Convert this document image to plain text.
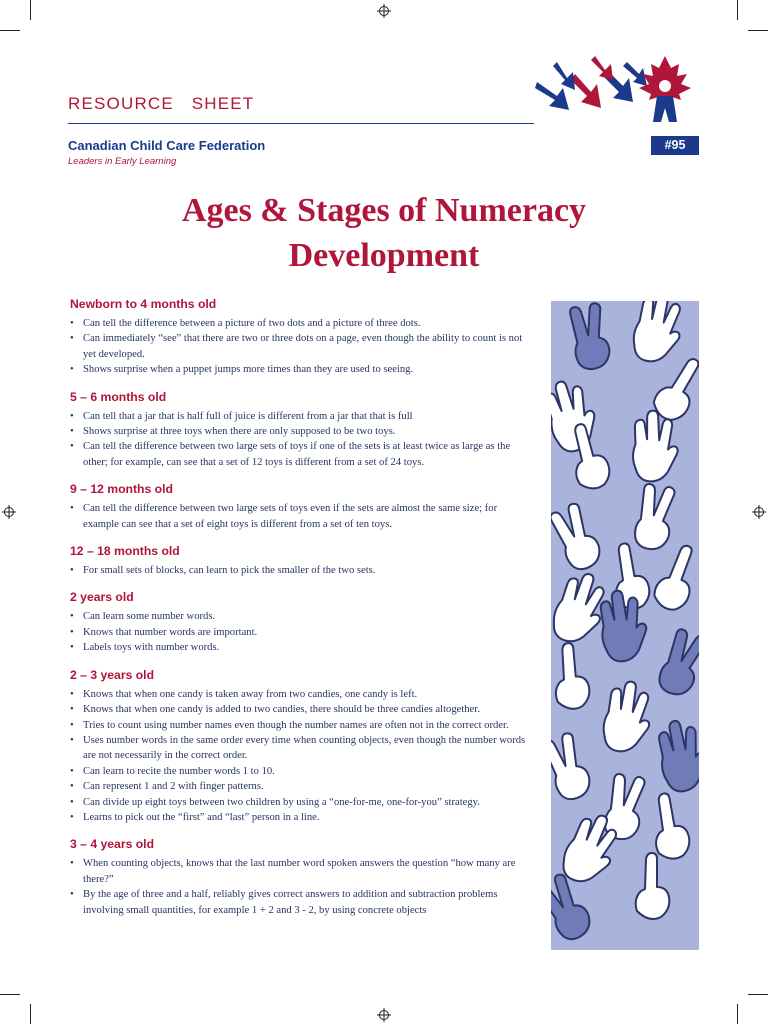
RESOURCE   SHEET
Canadian Child Care Federation
Leaders in Early Learning
#95
Ages & Stages of Numeracy
Development
Newborn to 4 months old
• Can tell the difference between a picture of two dots and a picture of three dots.
• Can immediately “see” that there are two or three dots on a page, even though the ability to count is not yet developed.
• Shows surprise when a puppet jumps more times than they are used to seeing.
5 – 6 months old
• Can tell that a jar that is half full of juice is different from a jar that that is full
• Shows surprise at three toys when there are only supposed to be two toys.
• Can tell the difference between two large sets of toys if one of the sets is at least twice as large as the other; for example, can see that a set of 12 toys is different from a set of 24 toys.
9 – 12 months old
• Can tell the difference between two large sets of toys even if the sets are almost the same size; for example can see that a set of eight toys is different from a set of ten toys.
12 – 18 months old
• For small sets of blocks, can learn to pick the smaller of the two sets.
2 years old
• Can learn some number words.
• Knows that number words are important.
• Labels toys with number words.
2 – 3 years old
• Knows that when one candy is taken away from two candies, one candy is left.
• Knows that when one candy is added to two candies, there should be three candies altogether.
• Tries to count using number names even though the number names are often not in the correct order.
• Uses number words in the same order every time when counting objects, even though the number words are not necessarily in the correct order.
• Can learn to recite the number words 1 to 10.
• Can represent 1 and 2 with finger patterns.
• Can divide up eight toys between two children by using a “one-for-me, one-for-you” strategy.
• Learns to pick out the “first” and “last” person in a line.
3 – 4 years old
• When counting objects, knows that the last number word spoken answers the question “how many are there?”
• By the age of three and a half, reliably gives correct answers to addition and subtraction problems involving small quantities, for example 1 + 2 and 3 - 2, by using concrete objects
